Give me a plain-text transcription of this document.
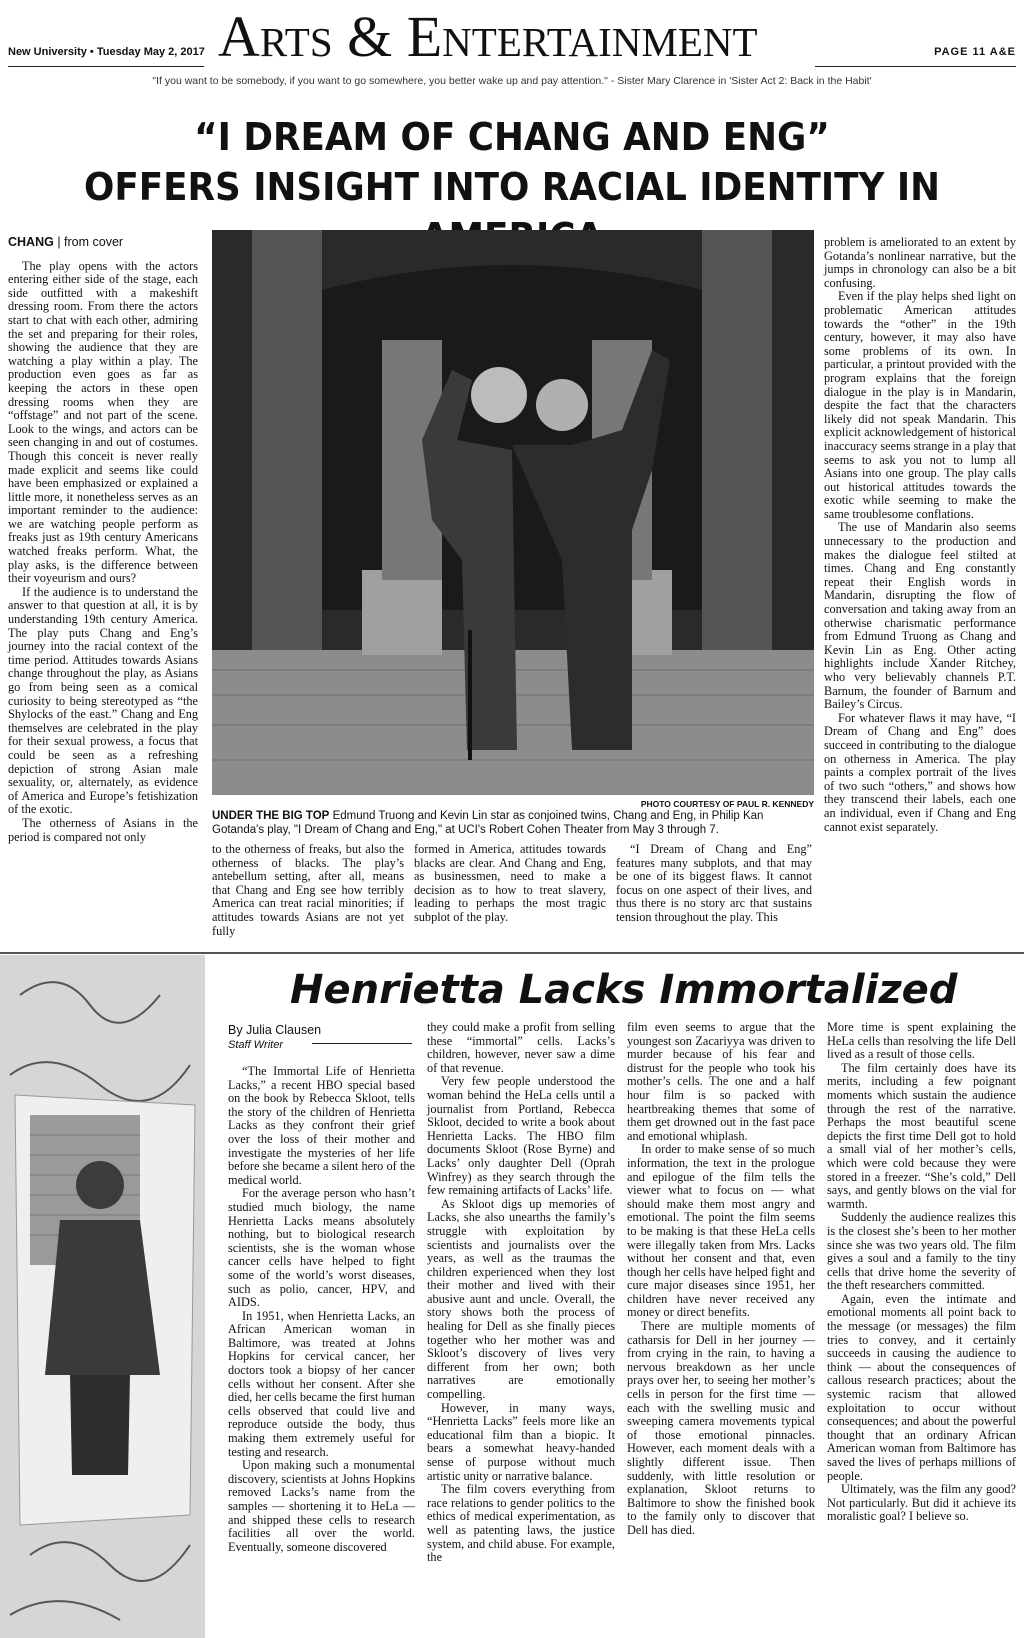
New University • Tuesday May 2, 2017 Arts & Entertainment	PAGE 11 A&E
"If you want to be somebody, if you want to go somewhere, you better wake up and pay attention." - Sister Mary Clarence in 'Sister Act 2: Back in the Habit'
“I DREAM OF CHANG AND ENG”
OFFERS INSIGHT INTO RACIAL IDENTITY IN

CHANG | from cover

The play opens with the actors entering either side of the stage, each side outfitted with a makeshift dressing room. From there the actors start to chat with each other, admiring the set and preparing for their roles, showing the audience that they are watching a play within a play. The production even goes as far as keeping the actors in these open dressing rooms when they are “offstage” and not part of the scene. Look to the wings, and actors can be seen changing in and out of costumes. Though this conceit is never really made explicit and seems like could have been emphasized or explained a little more, it nonetheless serves as an important reminder to the audience: we are watching people perform as freaks just as 19th century Americans watched freaks perform. What, the play asks, is the difference between their voyeurism and ours?

If the audience is to understand the answer to that question at all, it is by understanding 19th century America. The play puts Chang and Eng’s journey into the racial context of the time period. Attitudes towards Asians change throughout the play, as Asians go from being seen as a comical curiosity to being stereotyped as “the Shylocks of the east.” Chang and Eng themselves are celebrated in the play for their sexual prowess, a focus that could be seen as a refreshing depiction of strong Asian male sexuality, or, alternately, as evidence of America and Europe’s fetishization of the exotic.

The otherness of Asians in the period is compared not only

PHOTO COURTESY OF PAUL R. KENNEDY
UNDER THE BIG TOP Edmund Truong and Kevin Lin star as conjoined twins, Chang and Eng, in Philip Kan Gotanda's play, "I Dream of Chang and Eng," at UCI's Robert Cohen Theater from May 3 through 7.

to the otherness of freaks, but also the otherness of blacks. The play’s antebellum setting, after all, means that Chang and Eng see how terribly America can treat racial minorities; if attitudes towards Asians are not yet fully

formed in America, attitudes towards blacks are clear. And Chang and Eng, as businessmen, need to make a decision as to how to treat slavery, leading to perhaps the most tragic subplot of the play.

“I Dream of Chang and Eng” features many subplots, and that may be one of its biggest flaws. It cannot focus on one aspect of their lives, and thus there is no story arc that sustains tension throughout the play. This

problem is ameliorated to an extent by Gotanda’s nonlinear narrative, but the jumps in chronology can also be a bit confusing.

Even if the play helps shed light on problematic American attitudes towards the “other” in the 19th century, however, it may also have some problems of its own. In particular, a printout provided with the program explains that the foreign dialogue in the play is in Mandarin, despite the fact that the characters likely did not speak Mandarin. This explicit acknowledgement of historical inaccuracy seems strange in a play that seems to ask you not to lump all Asians into one group. The play calls out historical attitudes towards the exotic while seeming to make the same troublesome conflations.

The use of Mandarin also seems unnecessary to the production and makes the dialogue feel stilted at times. Chang and Eng constantly repeat their English words in Mandarin, disrupting the flow of conversation and taking away from an otherwise charismatic performance from Edmund Truong as Chang and Kevin Lin as Eng. Other acting highlights include Xander Ritchey, who very believably channels P.T. Barnum, the founder of Barnum and Bailey’s Circus.

For whatever flaws it may have, “I Dream of Chang and Eng” does succeed in contributing to the dialogue on otherness in America. The play paints a complex portrait of the lives of two such “others,” and shows how they transcend their labels, each one an individual, even if Chang and Eng cannot exist separately.

Henrietta Lacks Immortalized
By Julia Clausen
Staff Writer

“The Immortal Life of Henrietta Lacks,” a recent HBO special based on the book by Rebecca Skloot, tells the story of the children of Henrietta Lacks as they confront their grief over the loss of their mother and investigate the mysteries of her life before she became a silent hero of the medical world.

For the average person who hasn’t studied much biology, the name Henrietta Lacks means absolutely nothing, but to biological research scientists, she is the woman whose cancer cells have helped to fight some of the world’s worst diseases, such as polio, cancer, HPV, and AIDS.

In 1951, when Henrietta Lacks, an African American woman in Baltimore, was treated at Johns Hopkins for cervical cancer, her doctors took a biopsy of her cancer cells without her consent. After she died, her cells became the first human cells observed that could live and reproduce outside the body, thus making them extremely useful for testing and research.

Upon making such a monumental discovery, scientists at Johns Hopkins removed Lacks’s name from the samples — shortening it to HeLa — and shipped these cells to research facilities all over the world. Eventually, someone discovered

they could make a profit from selling these “immortal” cells. Lacks’s children, however, never saw a dime of that revenue.

Very few people understood the woman behind the HeLa cells until a journalist from Portland, Rebecca Skloot, decided to write a book about Henrietta Lacks. The HBO film documents Skloot (Rose Byrne) and Lacks’ only daughter Dell (Oprah Winfrey) as they search through the few remaining artifacts of Lacks’ life.

As Skloot digs up memories of Lacks, she also unearths the family’s struggle with exploitation by scientists and journalists over the years, as well as the traumas the children experienced when they lost their mother and lived with their abusive aunt and uncle. Overall, the story shows both the process of healing for Dell as she finally pieces together who her mother was and Skloot’s discovery of lives very different from her own; both narratives are emotionally compelling.

However, in many ways, “Henrietta Lacks” feels more like an educational film than a biopic. It bears a somewhat heavy-handed sense of purpose without much artistic unity or narrative balance.

The film covers everything from race relations to gender politics to the ethics of medical experimentation, as well as patenting laws, the justice system, and child abuse. For example, the

film even seems to argue that the youngest son Zacariyya was driven to murder because of his fear and distrust for the people who took his mother’s cells. The one and a half hour film is so packed with heartbreaking themes that some of them get drowned out in the fast pace and emotional whiplash.

In order to make sense of so much information, the text in the prologue and epilogue of the film tells the viewer what to focus on — what should make them most angry and emotional. The point the film seems to be making is that these HeLa cells were illegally taken from Mrs. Lacks without her consent and that, even though her cells have helped fight and cure major diseases since 1951, her children have never received any money or direct benefits.

There are multiple moments of catharsis for Dell in her journey — from crying in the rain, to having a nervous breakdown as her uncle prays over her, to seeing her mother’s cells in person for the first time — each with the swelling music and sweeping camera movements typical of those emotional pinnacles. However, each moment deals with a slightly different issue. Then suddenly, with little resolution or explanation, Skloot returns to Baltimore to show the finished book to the family only to discover that Dell has died.

More time is spent explaining the HeLa cells than resolving the life Dell lived as a result of those cells.

The film certainly does have its merits, including a few poignant moments which sustain the audience through the rest of the narrative. Perhaps the most beautiful scene depicts the first time Dell got to hold a small vial of her mother’s cells, which were cold because they were stored in a freezer. “She’s cold,” Dell says, and gently blows on the vial for warmth.

Suddenly the audience realizes this is the closest she’s been to her mother since she was two years old. The film gives a soul and a family to the tiny cells that drive home the severity of the theft researchers committed.

Again, even the intimate and emotional moments all point back to the message (or messages) the film tries to convey, and it certainly succeeds in causing the audience to think — about the consequences of callous research practices; about the systemic racism that allowed exploitation to occur without consequences; and about the powerful thought that an ordinary African American woman from Baltimore has saved the lives of perhaps millions of people.

Ultimately, was the film any good? Not particularly. But did it achieve its moralistic goal? I believe so.
